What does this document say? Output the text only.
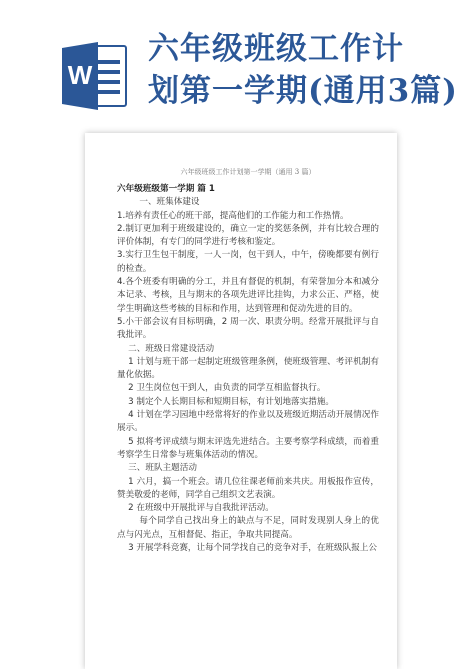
W
六年级班级工作计
划第一学期(通用3篇)
六年级班级工作计划第一学期（通用 3 篇）

六年级班级第一学期 篇 1

一、班集体建设

1.培养有责任心的班干部，提高他们的工作能力和工作热情。

2.制订更加利于班级建设的，确立一定的奖惩条例，并有比较合理的评价体制，有专门的同学进行考核和鉴定。

3.实行卫生包干制度，一人一岗，包干到人，中午，傍晚都要有例行的检查。

4.各个班委有明确的分工，并且有督促的机制，有荣誉加分本和减分本记录、考核，且与期末的各项先进评比挂钩，力求公正、严格，使学生明确这些考核的目标和作用，达到管理和促动先进的目的。

5.小干部会议有目标明确，2 周一次、职责分明。经常开展批评与自我批评。

二、班级日常建设活动

1 计划与班干部一起制定班级管理条例，使班级管理、考评机制有量化依据。

2 卫生岗位包干到人，由负责的同学互相监督执行。

3 制定个人长期目标和短期目标，有计划地落实措施。

4 计划在学习园地中经常将好的作业以及班级近期活动开展情况作展示。

5 拟将考评成绩与期末评选先进结合。主要考察学科成绩，而着重考察学生日常参与班集体活动的情况。

三、班队主题活动

1 六月，搞一个班会。请几位往课老师前来共庆。用板报作宣传，赞美敬爱的老师，同学自己组织文艺表演。

2 在班级中开展批评与自我批评活动。

每个同学自己找出身上的缺点与不足，同时发现别人身上的优点与闪光点，互相督促、指正，争取共同提高。

3 开展学科竞赛，让每个同学找自己的竞争对手，在班级队报上公
